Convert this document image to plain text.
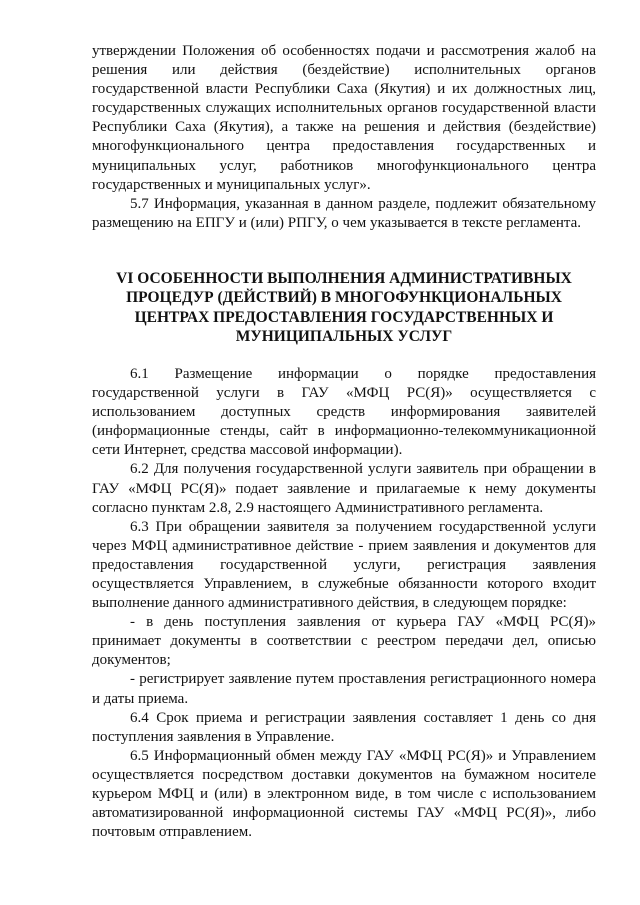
утверждении Положения об особенностях подачи и рассмотрения жалоб на решения или действия (бездействие) исполнительных органов государственной власти Республики Саха (Якутия) и их должностных лиц, государственных служащих исполнительных органов государственной власти Республики Саха (Якутия), а также на решения и действия (бездействие) многофункционального центра предоставления государственных и муниципальных услуг, работников многофункционального центра государственных и муниципальных услуг».

5.7 Информация, указанная в данном разделе, подлежит обязательному размещению на ЕПГУ и (или) РПГУ, о чем указывается в тексте регламента.

VI ОСОБЕННОСТИ ВЫПОЛНЕНИЯ АДМИНИСТРАТИВНЫХ ПРОЦЕДУР (ДЕЙСТВИЙ) В МНОГОФУНКЦИОНАЛЬНЫХ ЦЕНТРАХ ПРЕДОСТАВЛЕНИЯ ГОСУДАРСТВЕННЫХ И МУНИЦИПАЛЬНЫХ УСЛУГ

6.1 Размещение информации о порядке предоставления государственной услуги в ГАУ «МФЦ РС(Я)» осуществляется с использованием доступных средств информирования заявителей (информационные стенды, сайт в информационно-телекоммуникационной сети Интернет, средства массовой информации).

6.2 Для получения государственной услуги заявитель при обращении в ГАУ «МФЦ РС(Я)» подает заявление и прилагаемые к нему документы согласно пунктам 2.8, 2.9 настоящего Административного регламента.

6.3 При обращении заявителя за получением государственной услуги через МФЦ административное действие - прием заявления и документов для предоставления государственной услуги, регистрация заявления осуществляется Управлением, в служебные обязанности которого входит выполнение данного административного действия, в следующем порядке:

- в день поступления заявления от курьера ГАУ «МФЦ РС(Я)» принимает документы в соответствии с реестром передачи дел, описью документов;

- регистрирует заявление путем проставления регистрационного номера и даты приема.

6.4 Срок приема и регистрации заявления составляет 1 день со дня поступления заявления в Управление.

6.5 Информационный обмен между ГАУ «МФЦ РС(Я)» и Управлением осуществляется посредством доставки документов на бумажном носителе курьером МФЦ и (или) в электронном виде, в том числе с использованием автоматизированной информационной системы ГАУ «МФЦ РС(Я)», либо почтовым отправлением.
